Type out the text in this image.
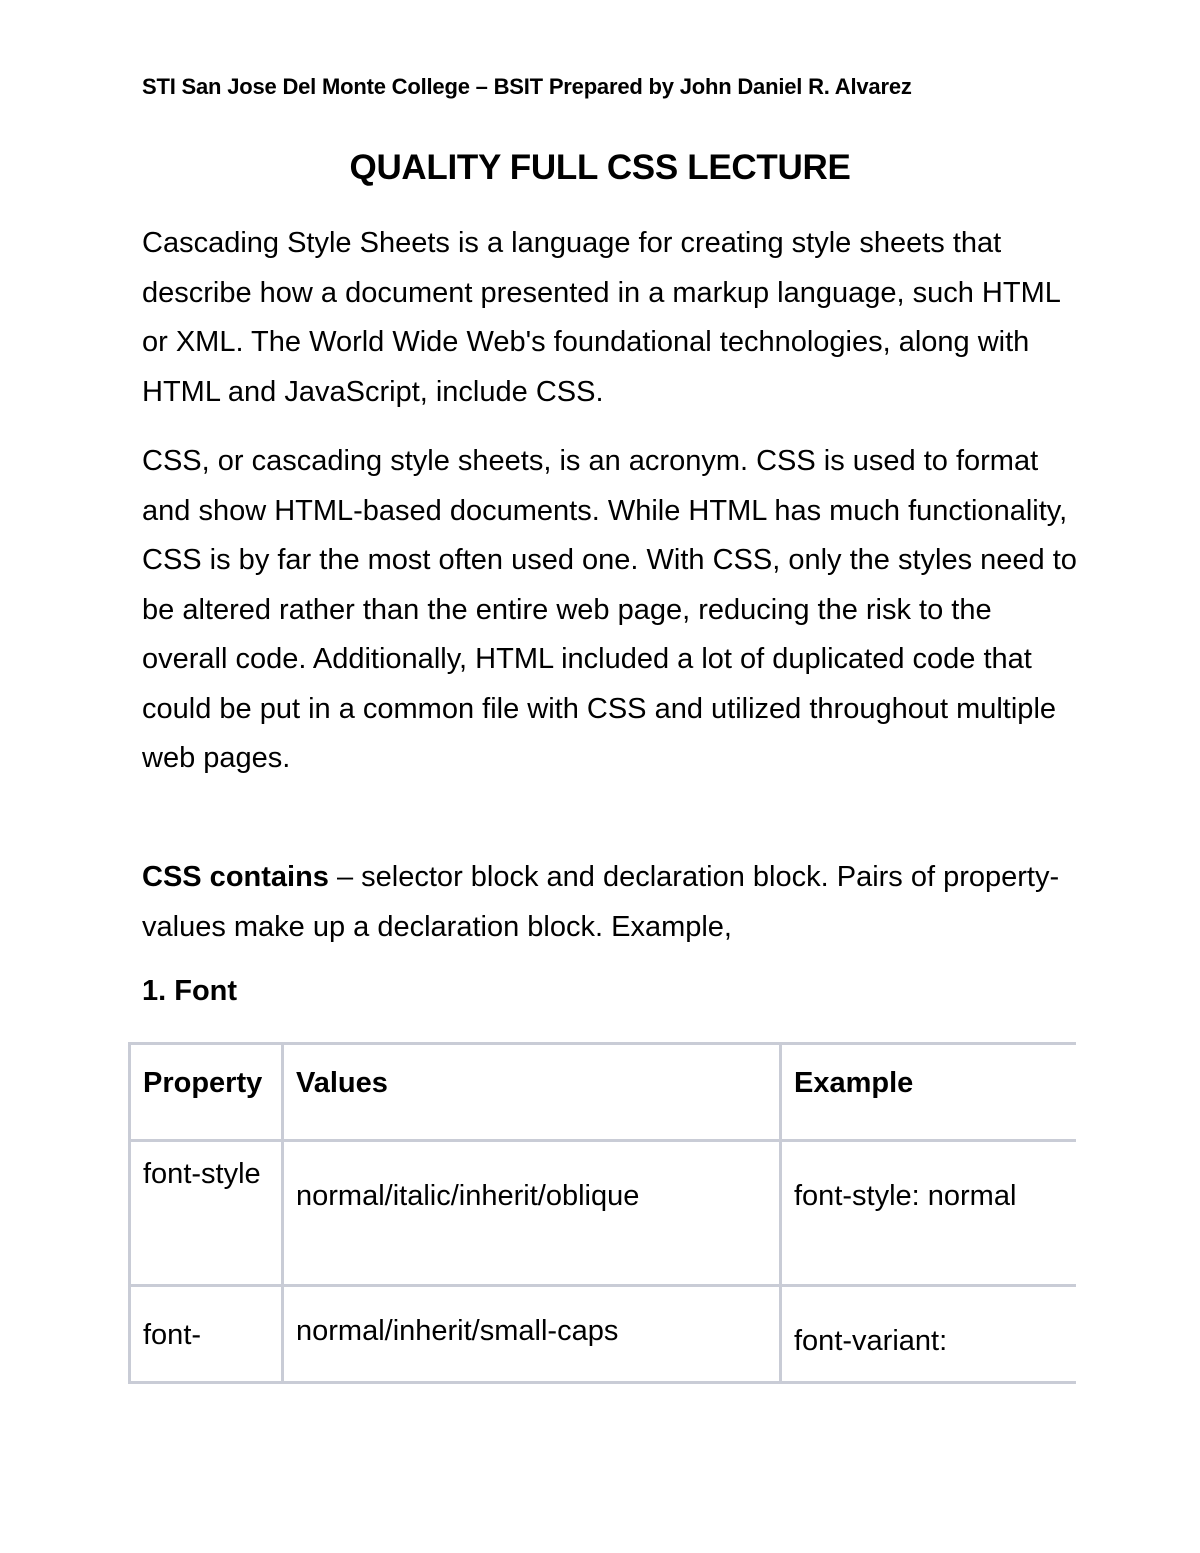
STI San Jose Del Monte College – BSIT Prepared by John Daniel R. Alvarez
QUALITY FULL CSS LECTURE

Cascading Style Sheets is a language for creating style sheets that describe how a document presented in a markup language, such HTML or XML. The World Wide Web's foundational technologies, along with HTML and JavaScript, include CSS.

CSS, or cascading style sheets, is an acronym. CSS is used to format and show HTML-based documents. While HTML has much functionality, CSS is by far the most often used one. With CSS, only the styles need to be altered rather than the entire web page, reducing the risk to the overall code. Additionally, HTML included a lot of duplicated code that could be put in a common file with CSS and utilized throughout multiple web pages.

CSS contains – selector block and declaration block. Pairs of property-values make up a declaration block. Example,

1. Font
Property	Values	Example
font-style	normal/italic/inherit/oblique	font-style: normal
font-	normal/inherit/small-caps	font-variant:
